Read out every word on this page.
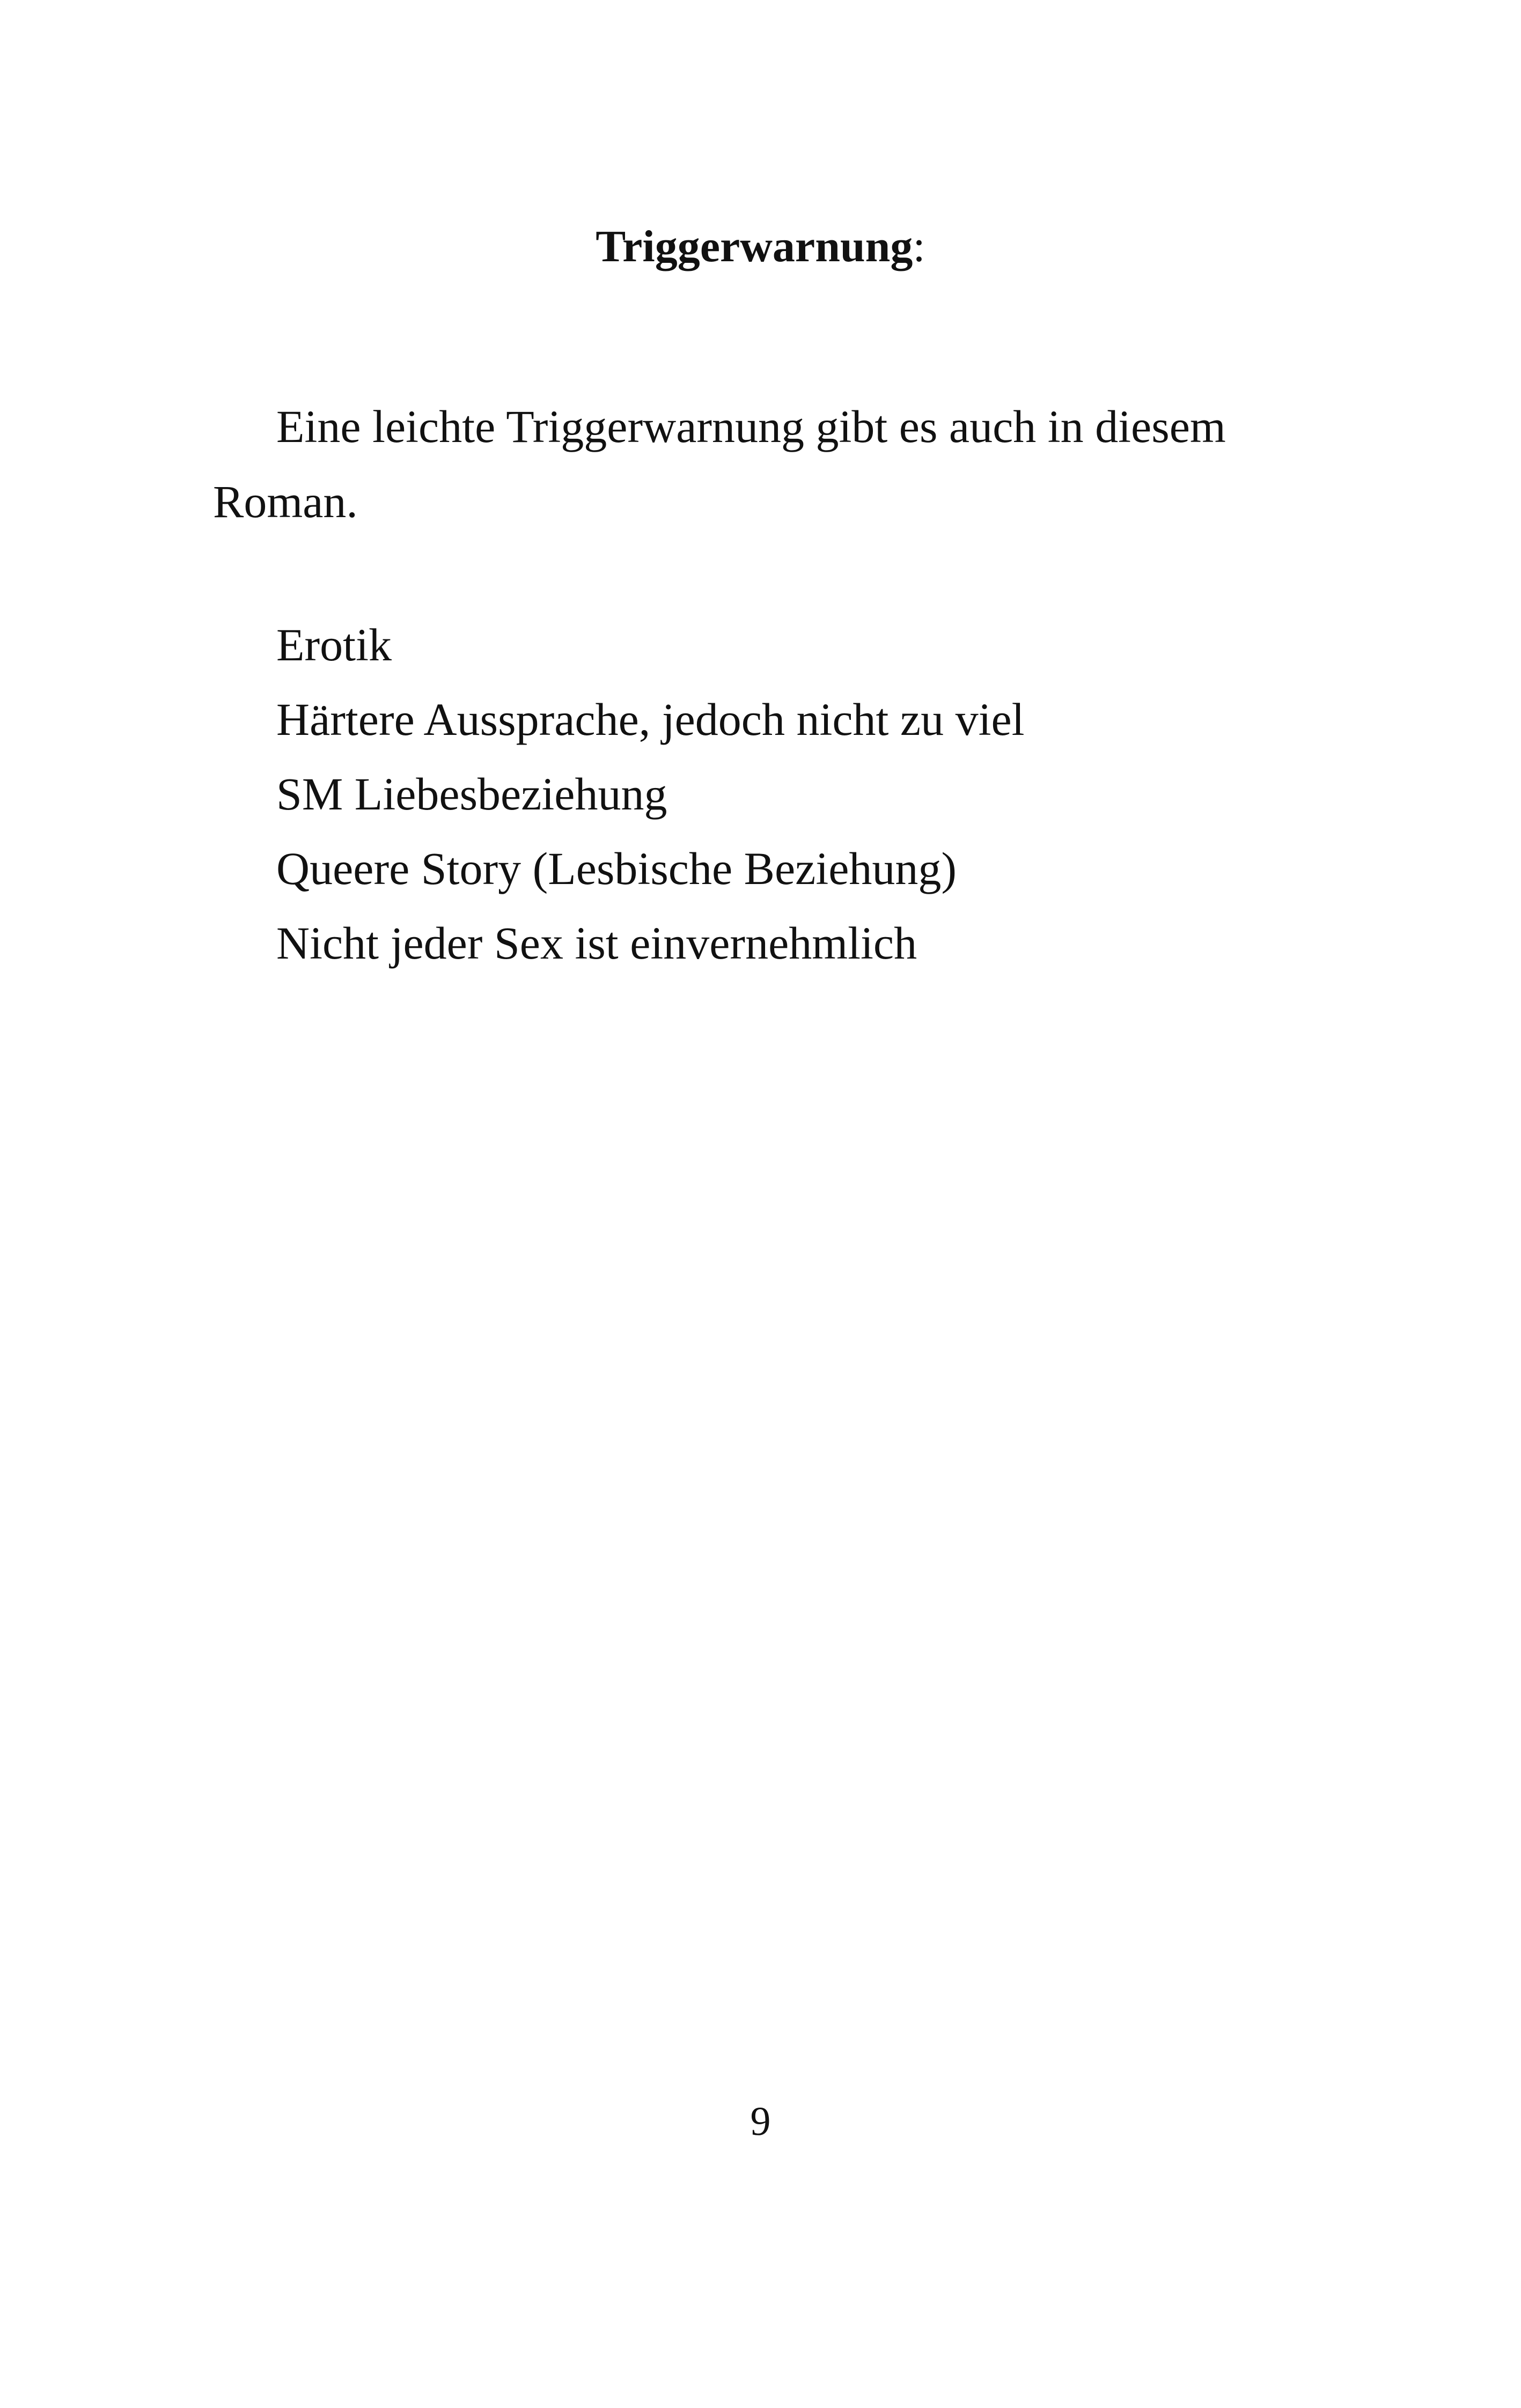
Triggerwarnung:

Eine leichte Triggerwarnung gibt es auch in diesem Roman.

Erotik
Härtere Aussprache, jedoch nicht zu viel
SM Liebesbeziehung
Queere Story (Lesbische Beziehung)
Nicht jeder Sex ist einvernehmlich
9
